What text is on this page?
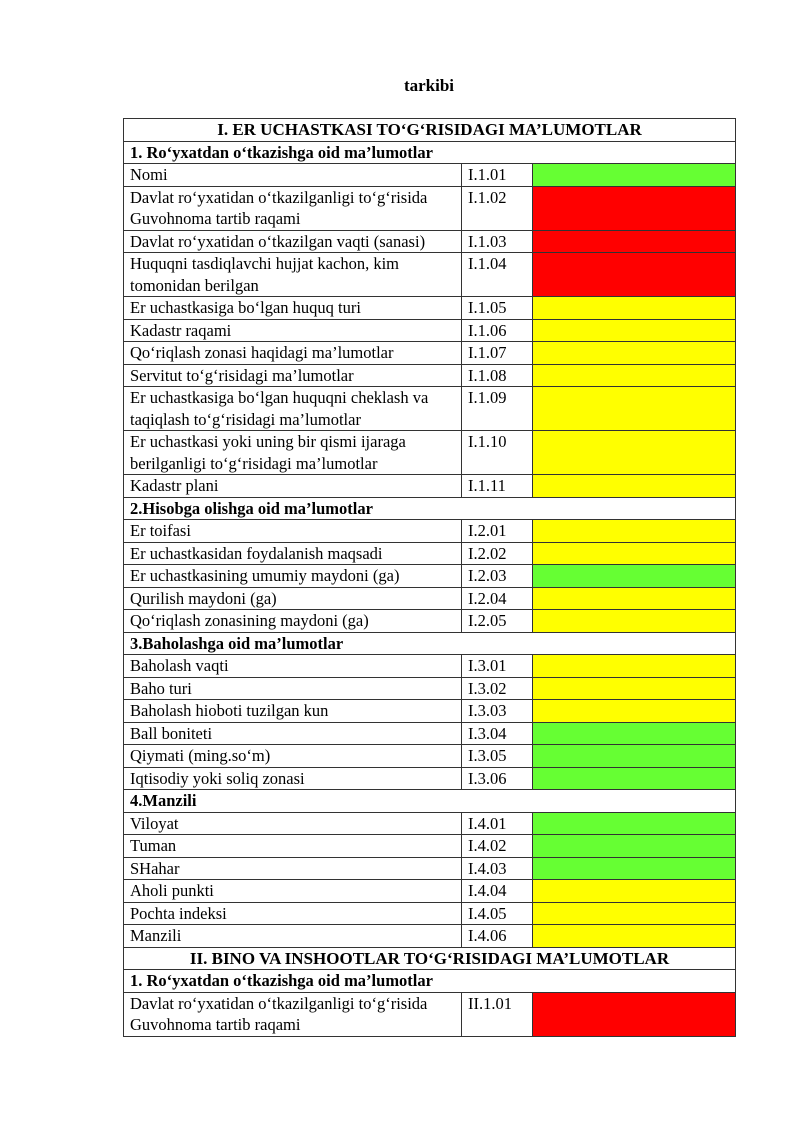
tarkibi
I. ER UCHASTKASI TO‘G‘RISIDAGI MA’LUMOTLAR		
1. Ro‘yxatdan o‘tkazishga oid ma’lumotlar		
Nomi	I.1.01	
Davlat ro‘yxatidan o‘tkazilganligi to‘g‘risida Guvohnoma tartib raqami	I.1.02	
Davlat ro‘yxatidan o‘tkazilgan vaqti (sanasi)	I.1.03	
Huquqni tasdiqlavchi hujjat kachon, kim tomonidan berilgan	I.1.04	
Er uchastkasiga bo‘lgan huquq turi	I.1.05	
Kadastr raqami	I.1.06	
Qo‘riqlash zonasi haqidagi ma’lumotlar	I.1.07	
Servitut to‘g‘risidagi ma’lumotlar	I.1.08	
Er uchastkasiga bo‘lgan huquqni cheklash va taqiqlash to‘g‘risidagi ma’lumotlar	I.1.09	
Er uchastkasi yoki uning bir qismi ijaraga berilganligi to‘g‘risidagi ma’lumotlar	I.1.10	
Kadastr plani	I.1.11	
2.Hisobga olishga oid ma’lumotlar		
Er toifasi	I.2.01	
Er uchastkasidan foydalanish maqsadi	I.2.02	
Er uchastkasining umumiy maydoni (ga)	I.2.03	
Qurilish maydoni (ga)	I.2.04	
Qo‘riqlash zonasining maydoni (ga)	I.2.05	
3.Baholashga oid ma’lumotlar		
Baholash vaqti	I.3.01	
Baho turi	I.3.02	
Baholash hioboti tuzilgan kun	I.3.03	
Ball boniteti	I.3.04	
Qiymati (ming.so‘m)	I.3.05	
Iqtisodiy yoki soliq zonasi	I.3.06	
4.Manzili		
Viloyat	I.4.01	
Tuman	I.4.02	
SHahar	I.4.03	
Aholi punkti	I.4.04	
Pochta indeksi	I.4.05	
Manzili	I.4.06	
II. BINO VA INSHOOTLAR TO‘G‘RISIDAGI MA’LUMOTLAR		
1. Ro‘yxatdan o‘tkazishga oid ma’lumotlar		
Davlat ro‘yxatidan o‘tkazilganligi to‘g‘risida Guvohnoma tartib raqami	II.1.01	
